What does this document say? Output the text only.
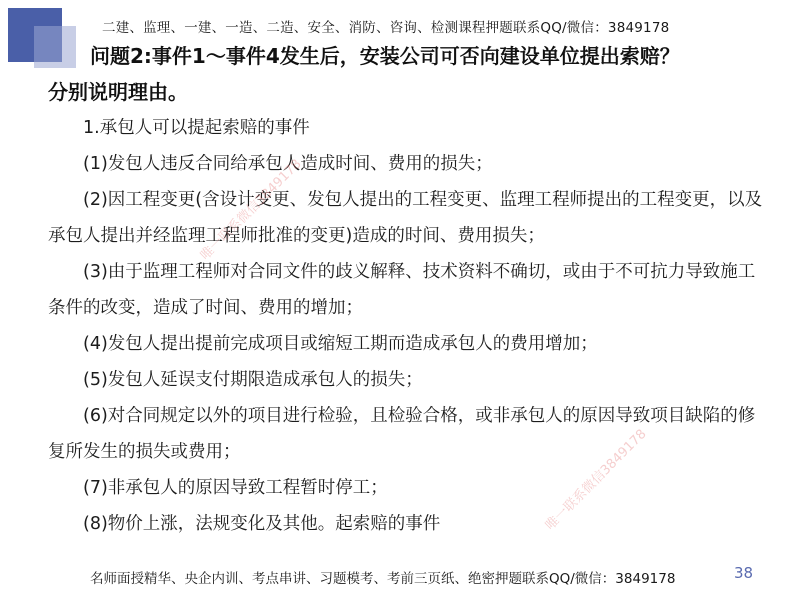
二建、监理、一建、一造、二造、安全、消防、咨询、检测课程押题联系QQ/微信：3849178
问题2:事件1～事件4发生后，安装公司可否向建设单位提出索赔？
分别说明理由。

1.承包人可以提起索赔的事件

(1)发包人违反合同给承包人造成时间、费用的损失；

(2)因工程变更(含设计变更、发包人提出的工程变更、监理工程师提出的工程变更，以及承包人提出并经监理工程师批准的变更)造成的时间、费用损失；

(3)由于监理工程师对合同文件的歧义解释、技术资料不确切，或由于不可抗力导致施工条件的改变，造成了时间、费用的增加；

(4)发包人提出提前完成项目或缩短工期而造成承包人的费用增加；

(5)发包人延误支付期限造成承包人的损失；

(6)对合同规定以外的项目进行检验，且检验合格，或非承包人的原因导致项目缺陷的修复所发生的损失或费用；

(7)非承包人的原因导致工程暂时停工；

(8)物价上涨，法规变化及其他。起索赔的事件

唯一联系微信3849178
唯一联系微信3849178
名师面授精华、央企内训、考点串讲、习题模考、考前三页纸、绝密押题联系QQ/微信：3849178	38
